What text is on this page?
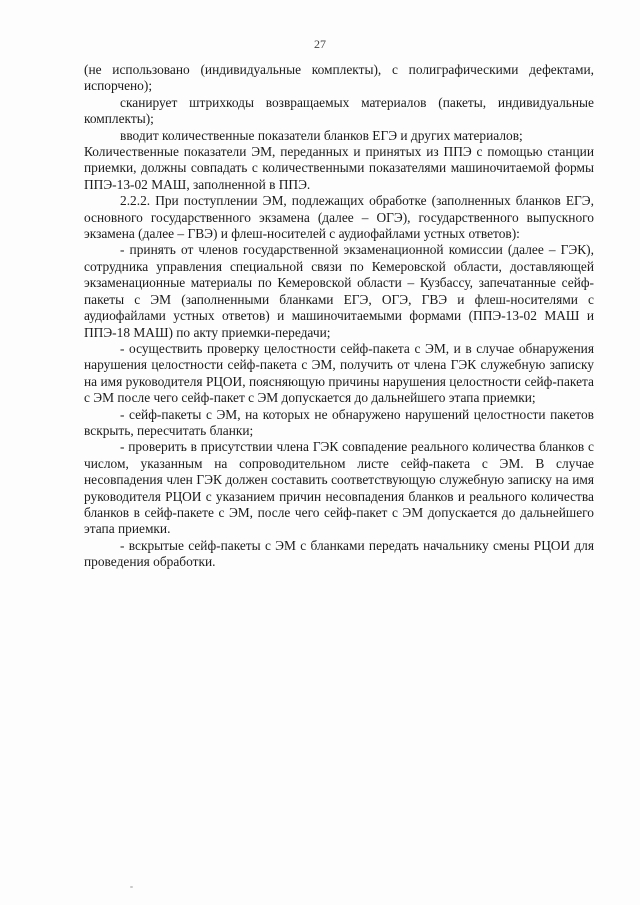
27

(не использовано (индивидуальные комплекты), с полиграфическими дефектами, испорчено);

сканирует штрихкоды возвращаемых материалов (пакеты, индивидуальные комплекты);

вводит количественные показатели бланков ЕГЭ и других материалов;

Количественные показатели ЭМ, переданных и принятых из ППЭ с помощью станции приемки, должны совпадать с количественными показателями машиночитаемой формы ППЭ-13-02 МАШ, заполненной в ППЭ.

2.2.2. При поступлении ЭМ, подлежащих обработке (заполненных бланков ЕГЭ, основного государственного экзамена (далее – ОГЭ), государственного выпускного экзамена (далее – ГВЭ) и флеш-носителей с аудиофайлами устных ответов):

- принять от членов государственной экзаменационной комиссии (далее – ГЭК), сотрудника управления специальной связи по Кемеровской области, доставляющей экзаменационные материалы по Кемеровской области – Кузбассу, запечатанные сейф-пакеты с ЭМ (заполненными бланками ЕГЭ, ОГЭ, ГВЭ и флеш-носителями с аудиофайлами устных ответов) и машиночитаемыми формами (ППЭ-13-02 МАШ и ППЭ-18 МАШ) по акту приемки-передачи;

- осуществить проверку целостности сейф-пакета с ЭМ, и в случае обнаружения нарушения целостности сейф-пакета с ЭМ, получить от члена ГЭК служебную записку на имя руководителя РЦОИ, поясняющую причины нарушения целостности сейф-пакета с ЭМ после чего сейф-пакет с ЭМ допускается до дальнейшего этапа приемки;

- сейф-пакеты с ЭМ, на которых не обнаружено нарушений целостности пакетов вскрыть, пересчитать бланки;

- проверить в присутствии члена ГЭК совпадение реального количества бланков с числом, указанным на сопроводительном листе сейф-пакета с ЭМ. В случае несовпадения член ГЭК должен составить соответствующую служебную записку на имя руководителя РЦОИ с указанием причин несовпадения бланков и реального количества бланков в сейф-пакете с ЭМ, после чего сейф-пакет с ЭМ допускается до дальнейшего этапа приемки.

- вскрытые сейф-пакеты с ЭМ с бланками передать начальнику смены РЦОИ для проведения обработки.
